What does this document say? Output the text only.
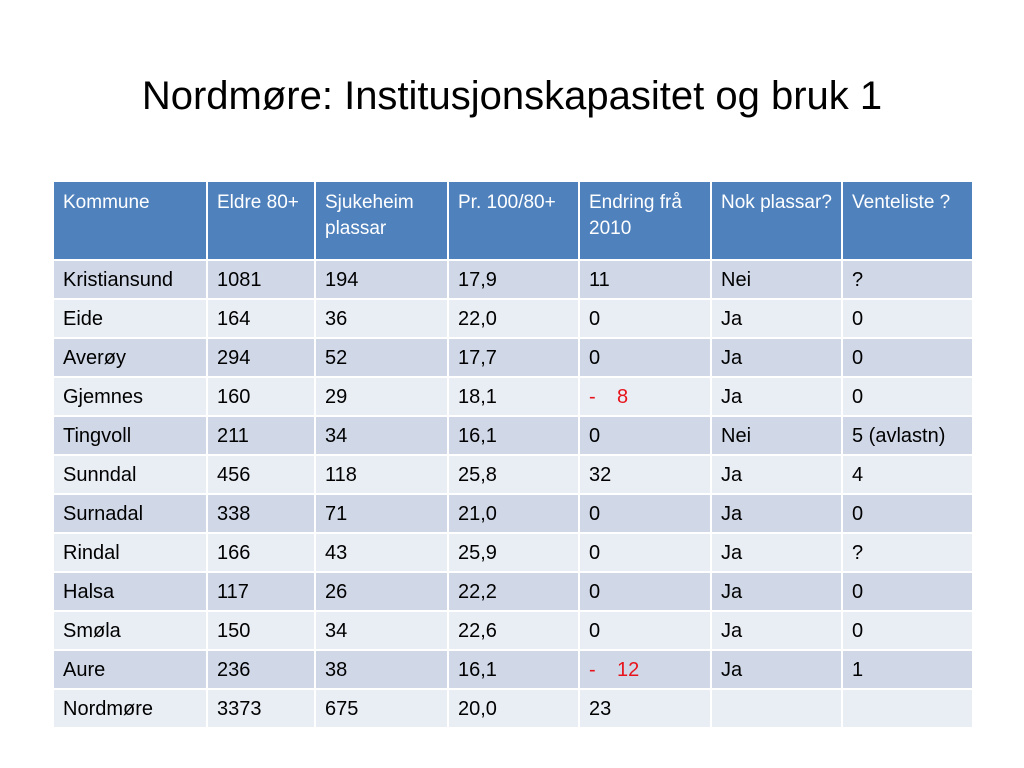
Nordmøre: Institusjonskapasitet og bruk 1
Kommune	Eldre 80+	Sjukeheim plassar	Pr. 100/80+	Endring frå 2010	Nok plassar?	Venteliste ?
Kristiansund	1081	194	17,9	11	Nei	?
Eide	164	36	22,0	0	Ja	0
Averøy	294	52	17,7	0	Ja	0
Gjemnes	160	29	18,1	- 8	Ja	0
Tingvoll	211	34	16,1	0	Nei	5 (avlastn)
Sunndal	456	118	25,8	32	Ja	4
Surnadal	338	71	21,0	0	Ja	0
Rindal	166	43	25,9	0	Ja	?
Halsa	117	26	22,2	0	Ja	0
Smøla	150	34	22,6	0	Ja	0
Aure	236	38	16,1	- 12	Ja	1
Nordmøre	3373	675	20,0	23		
